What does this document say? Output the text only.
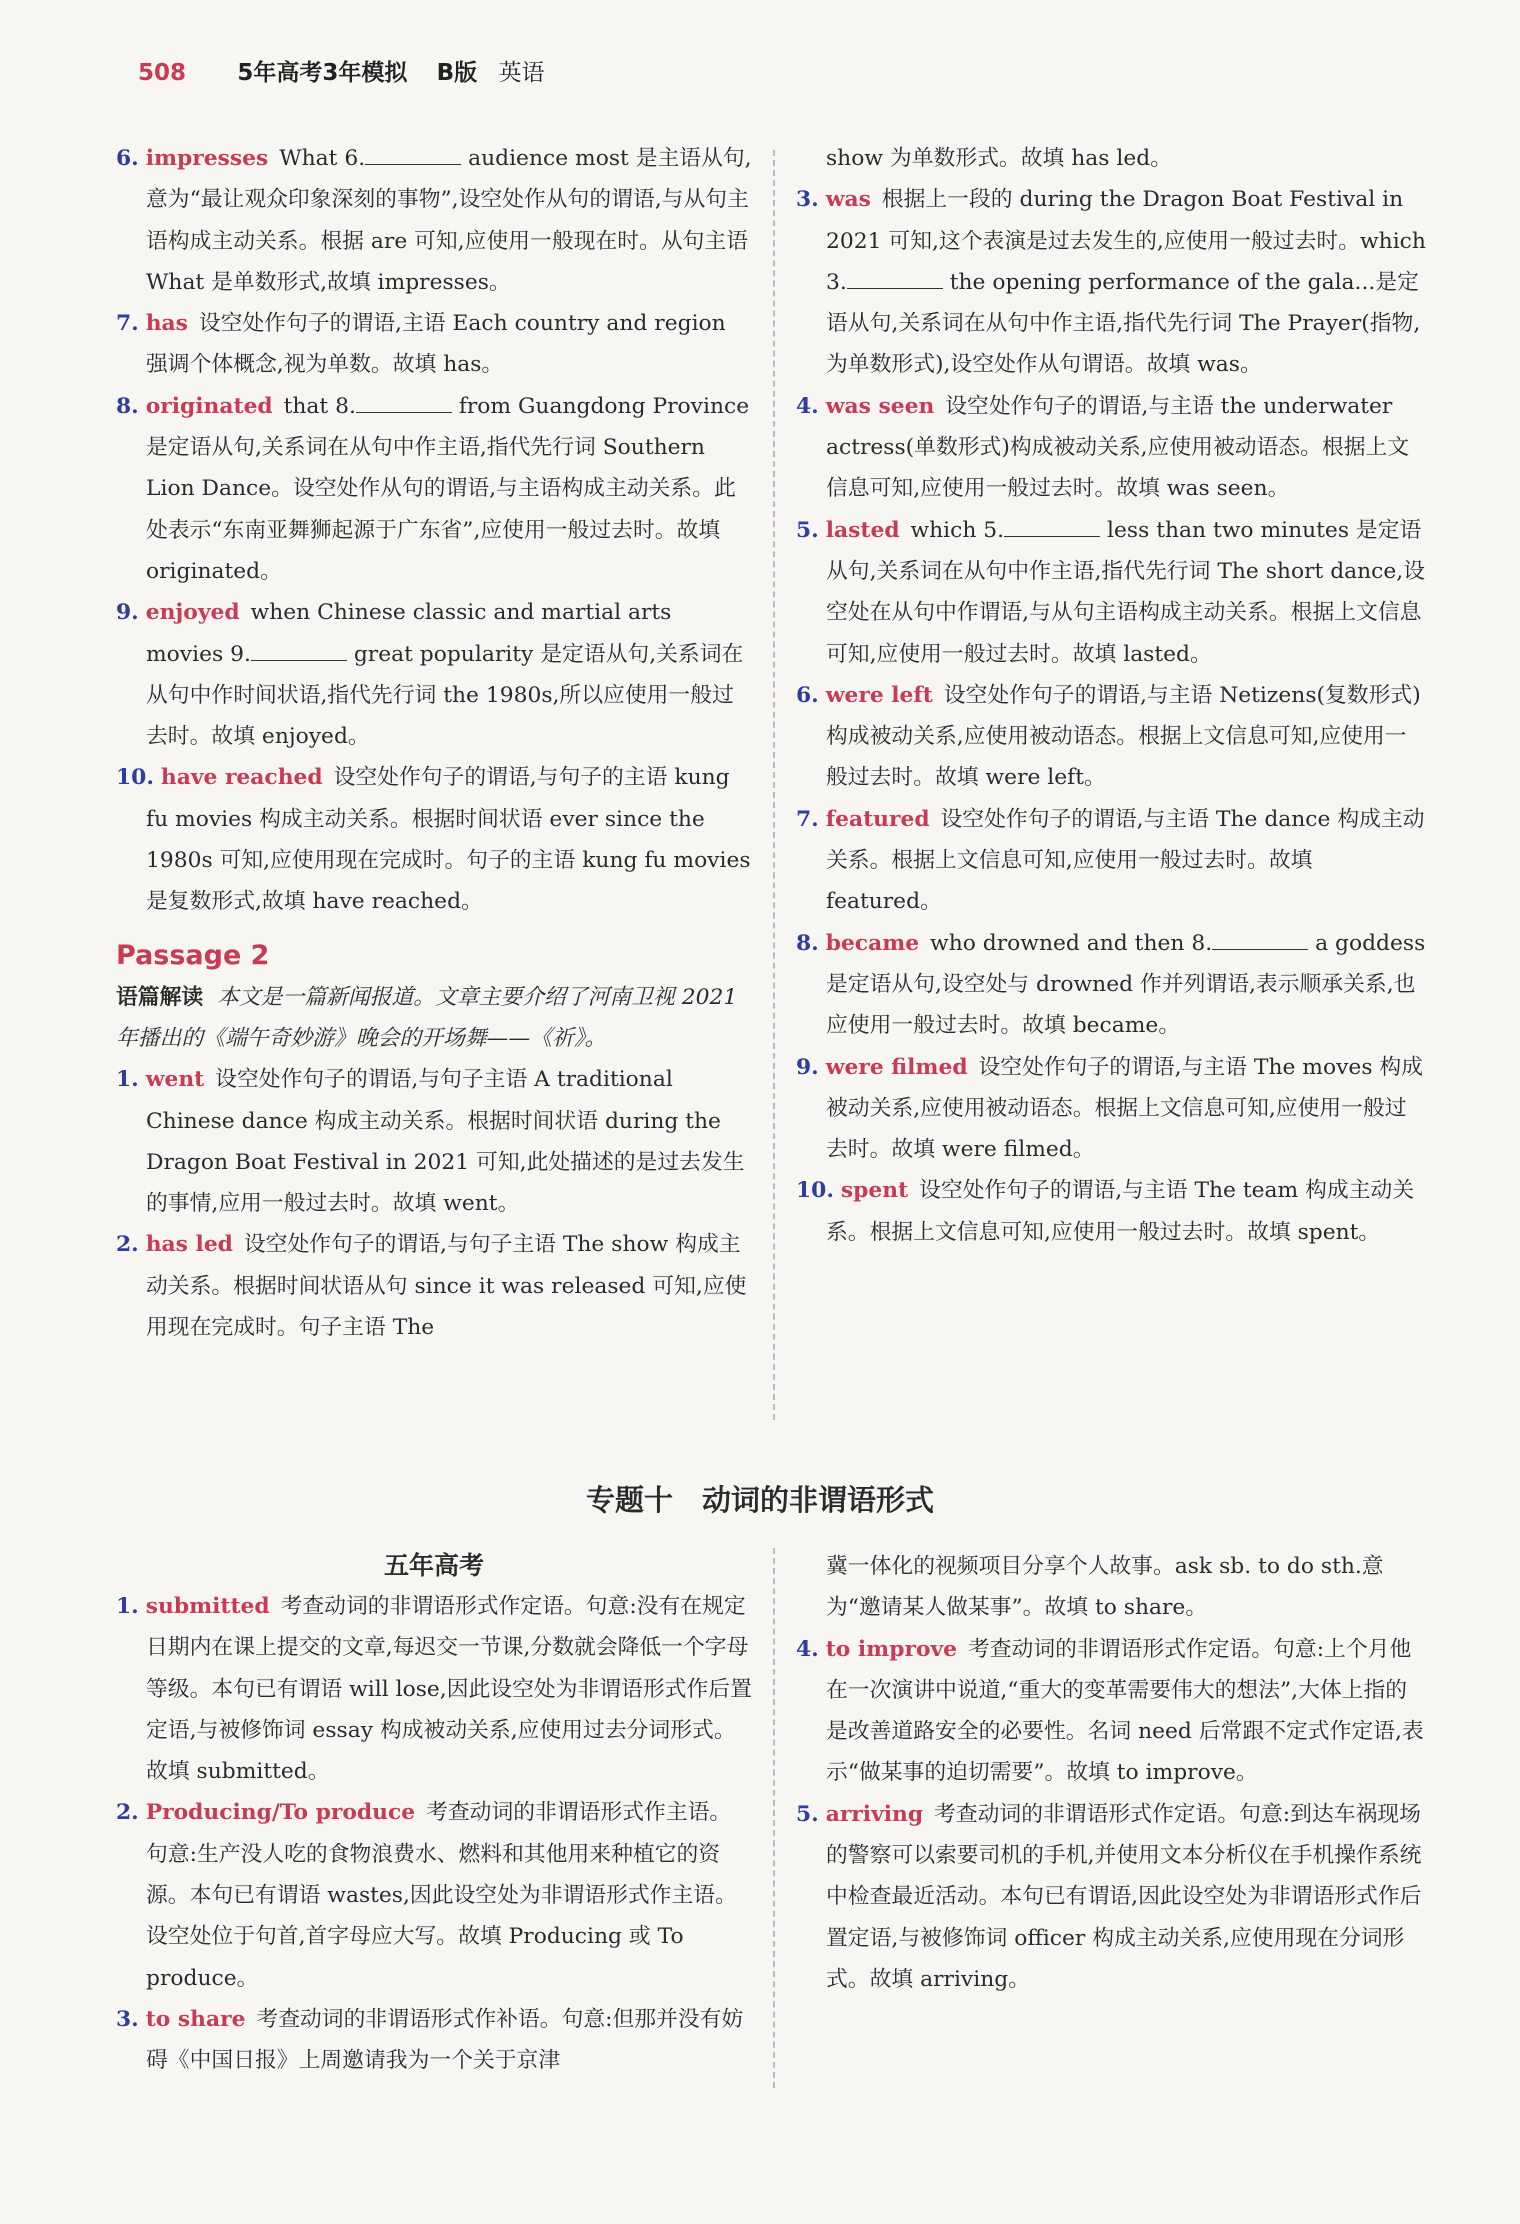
508 5年高考3年模拟 B版 英语

6. impresses  What 6.	audience most 是主语从句,意为“最让观众印象深刻的事物”,设空处作从句的谓语,与从句主语构成主动关系。根据 are 可知,应使用一般现在时。从句主语 What 是单数形式,故填 impresses。

7. has  设空处作句子的谓语,主语 Each country and region 强调个体概念,视为单数。故填 has。

8. originated  that 8.	from Guangdong Province 是定语从句,关系词在从句中作主语,指代先行词 Southern Lion Dance。设空处作从句的谓语,与主语构成主动关系。此处表示“东南亚舞狮起源于广东省”,应使用一般过去时。故填 originated。

9. enjoyed  when Chinese classic and martial arts movies 9.	great popularity 是定语从句,关系词在从句中作时间状语,指代先行词 the 1980s,所以应使用一般过去时。故填 enjoyed。

10. have reached  设空处作句子的谓语,与句子的主语 kung fu movies 构成主动关系。根据时间状语 ever since the 1980s 可知,应使用现在完成时。句子的主语 kung fu movies 是复数形式,故填 have reached。

Passage 2

语篇解读 本文是一篇新闻报道。文章主要介绍了河南卫视 2021 年播出的《端午奇妙游》晚会的开场舞——《祈》。

1. went  设空处作句子的谓语,与句子主语 A traditional Chinese dance 构成主动关系。根据时间状语 during the Dragon Boat Festival in 2021 可知,此处描述的是过去发生的事情,应用一般过去时。故填 went。

2. has led  设空处作句子的谓语,与句子主语 The show 构成主动关系。根据时间状语从句 since it was released 可知,应使用现在完成时。句子主语 The

show 为单数形式。故填 has led。

3. was  根据上一段的 during the Dragon Boat Festival in 2021 可知,这个表演是过去发生的,应使用一般过去时。which 3.	the opening performance of the gala...是定语从句,关系词在从句中作主语,指代先行词 The Prayer(指物,为单数形式),设空处作从句谓语。故填 was。

4. was seen  设空处作句子的谓语,与主语 the underwater actress(单数形式)构成被动关系,应使用被动语态。根据上文信息可知,应使用一般过去时。故填 was seen。

5. lasted  which 5.	less than two minutes 是定语从句,关系词在从句中作主语,指代先行词 The short dance,设空处在从句中作谓语,与从句主语构成主动关系。根据上文信息可知,应使用一般过去时。故填 lasted。

6. were left  设空处作句子的谓语,与主语 Netizens(复数形式)构成被动关系,应使用被动语态。根据上文信息可知,应使用一般过去时。故填 were left。

7. featured  设空处作句子的谓语,与主语 The dance 构成主动关系。根据上文信息可知,应使用一般过去时。故填 featured。

8. became  who drowned and then 8.	a goddess 是定语从句,设空处与 drowned 作并列谓语,表示顺承关系,也应使用一般过去时。故填 became。

9. were filmed  设空处作句子的谓语,与主语 The moves 构成被动关系,应使用被动语态。根据上文信息可知,应使用一般过去时。故填 were filmed。

10. spent  设空处作句子的谓语,与主语 The team 构成主动关系。根据上文信息可知,应使用一般过去时。故填 spent。

专题十　动词的非谓语形式
五年高考

1. submitted  考查动词的非谓语形式作定语。句意:没有在规定日期内在课上提交的文章,每迟交一节课,分数就会降低一个字母等级。本句已有谓语 will lose,因此设空处为非谓语形式作后置定语,与被修饰词 essay 构成被动关系,应使用过去分词形式。故填 submitted。

2. Producing/To produce  考查动词的非谓语形式作主语。句意:生产没人吃的食物浪费水、燃料和其他用来种植它的资源。本句已有谓语 wastes,因此设空处为非谓语形式作主语。设空处位于句首,首字母应大写。故填 Producing 或 To produce。

3. to share  考查动词的非谓语形式作补语。句意:但那并没有妨碍《中国日报》上周邀请我为一个关于京津

冀一体化的视频项目分享个人故事。ask sb. to do sth.意为“邀请某人做某事”。故填 to share。

4. to improve  考查动词的非谓语形式作定语。句意:上个月他在一次演讲中说道,“重大的变革需要伟大的想法”,大体上指的是改善道路安全的必要性。名词 need 后常跟不定式作定语,表示“做某事的迫切需要”。故填 to improve。

5. arriving  考查动词的非谓语形式作定语。句意:到达车祸现场的警察可以索要司机的手机,并使用文本分析仪在手机操作系统中检查最近活动。本句已有谓语,因此设空处为非谓语形式作后置定语,与被修饰词 officer 构成主动关系,应使用现在分词形式。故填 arriving。
